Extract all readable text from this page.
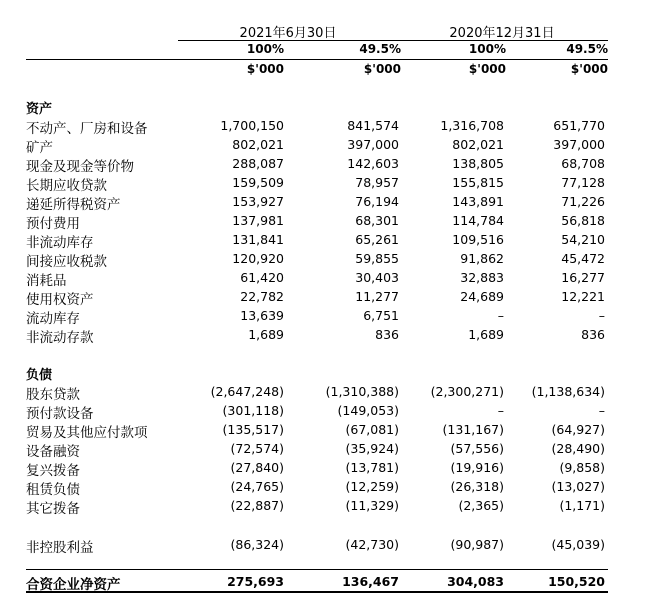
2021年6月30日	2020年12月31日
100%	49.5%	100%	49.5%
$'000	$'000	$'000	$'000
资产
不动产、厂房和设备	1,700,150	841,574	1,316,708	651,770
矿产	802,021	397,000	802,021	397,000
现金及现金等价物	288,087	142,603	138,805	68,708
长期应收贷款	159,509	78,957	155,815	77,128
递延所得税资产	153,927	76,194	143,891	71,226
预付费用	137,981	68,301	114,784	56,818
非流动库存	131,841	65,261	109,516	54,210
间接应收税款	120,920	59,855	91,862	45,472
消耗品	61,420	30,403	32,883	16,277
使用权资产	22,782	11,277	24,689	12,221
流动库存	13,639	6,751	–	–
非流动存款	1,689	836	1,689	836
负债
股东贷款	(2,647,248)	(1,310,388)	(2,300,271)	(1,138,634)
预付款设备	(301,118)	(149,053)	–	–
贸易及其他应付款项	(135,517)	(67,081)	(131,167)	(64,927)
设备融资	(72,574)	(35,924)	(57,556)	(28,490)
复兴拨备	(27,840)	(13,781)	(19,916)	(9,858)
租赁负债	(24,765)	(12,259)	(26,318)	(13,027)
其它拨备	(22,887)	(11,329)	(2,365)	(1,171)
非控股利益	(86,324)	(42,730)	(90,987)	(45,039)
合资企业净资产	275,693	136,467	304,083	150,520
